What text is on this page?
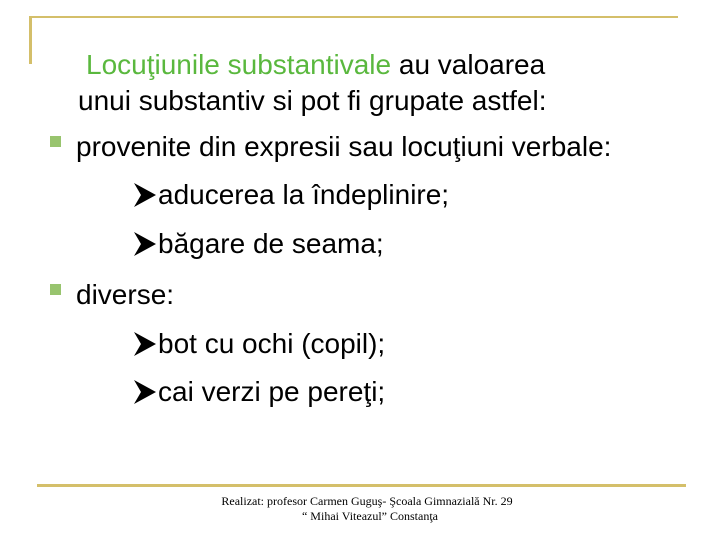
Locuţiunile substantivale au valoarea
unui substantiv si pot fi grupate astfel:
provenite din expresii sau locuţiuni verbale:
aducerea la îndeplinire;
băgare de seama;
diverse:
bot cu ochi (copil);
cai verzi pe pereţi;
Realizat: profesor Carmen Guguş- Şcoala Gimnazială Nr. 29
“ Mihai Viteazul” Constanţa
